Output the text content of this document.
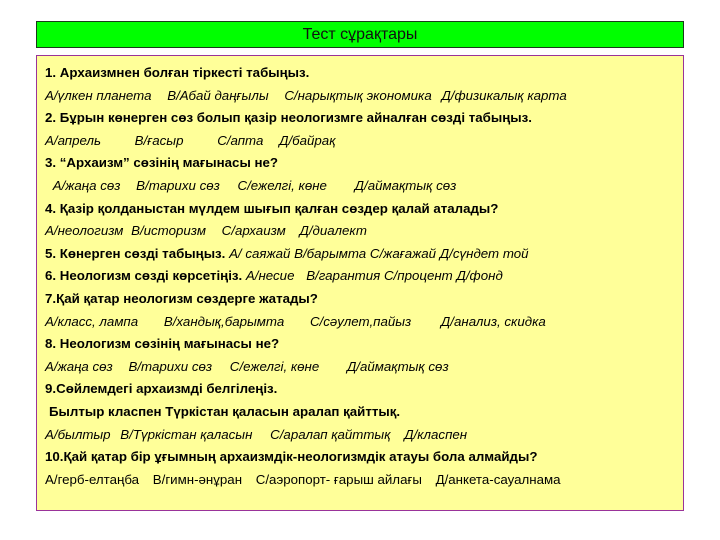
Тест сұрақтары
1. Архаизмнен болған тіркесті табыңыз.
А/үлкен планета В/Абай даңғылы С/нарықтық экономика Д/физикалық карта
2. Бұрын көнерген сөз болып қазір неологизмге айналған сөзді табыңыз.
А/апрель	В/ғасыр	С/апта Д/байрақ
3. “Архаизм” сөзінің мағынасы не?
А/жаңа сөз В/тарихи сөз С/ежелгі, көне Д/аймақтық сөз
4. Қазір қолданыстан мүлдем шығып қалған сөздер қалай аталады?
А/неологизм В/историзм С/архаизм Д/диалект
5. Көнерген сөзді табыңыз. А/ саяжай В/барымта С/жағажай Д/сүндет той
6. Неологизм сөзді көрсетіңіз. А/несие В/гарантия С/процент Д/фонд
7.Қай қатар неологизм сөздерге жатады?
А/класс, лампа В/хандық,барымта С/сәулет,пайыз Д/анализ, скидка
8. Неологизм сөзінің мағынасы не?
А/жаңа сөз В/тарихи сөз С/ежелгі, көне Д/аймақтық сөз
9.Сөйлемдегі архаизмді белгілеңіз.
Былтыр класпен Түркістан қаласын аралап қайттық.
А/былтыр В/Түркістан қаласын С/аралап қайттық Д/класпен
10.Қай қатар бір ұғымның архаизмдік-неологизмдік атауы бола алмайды?
А/герб-елтаңба В/гимн-әнұран С/аэропорт- ғарыш айлағы Д/анкета-сауалнама
